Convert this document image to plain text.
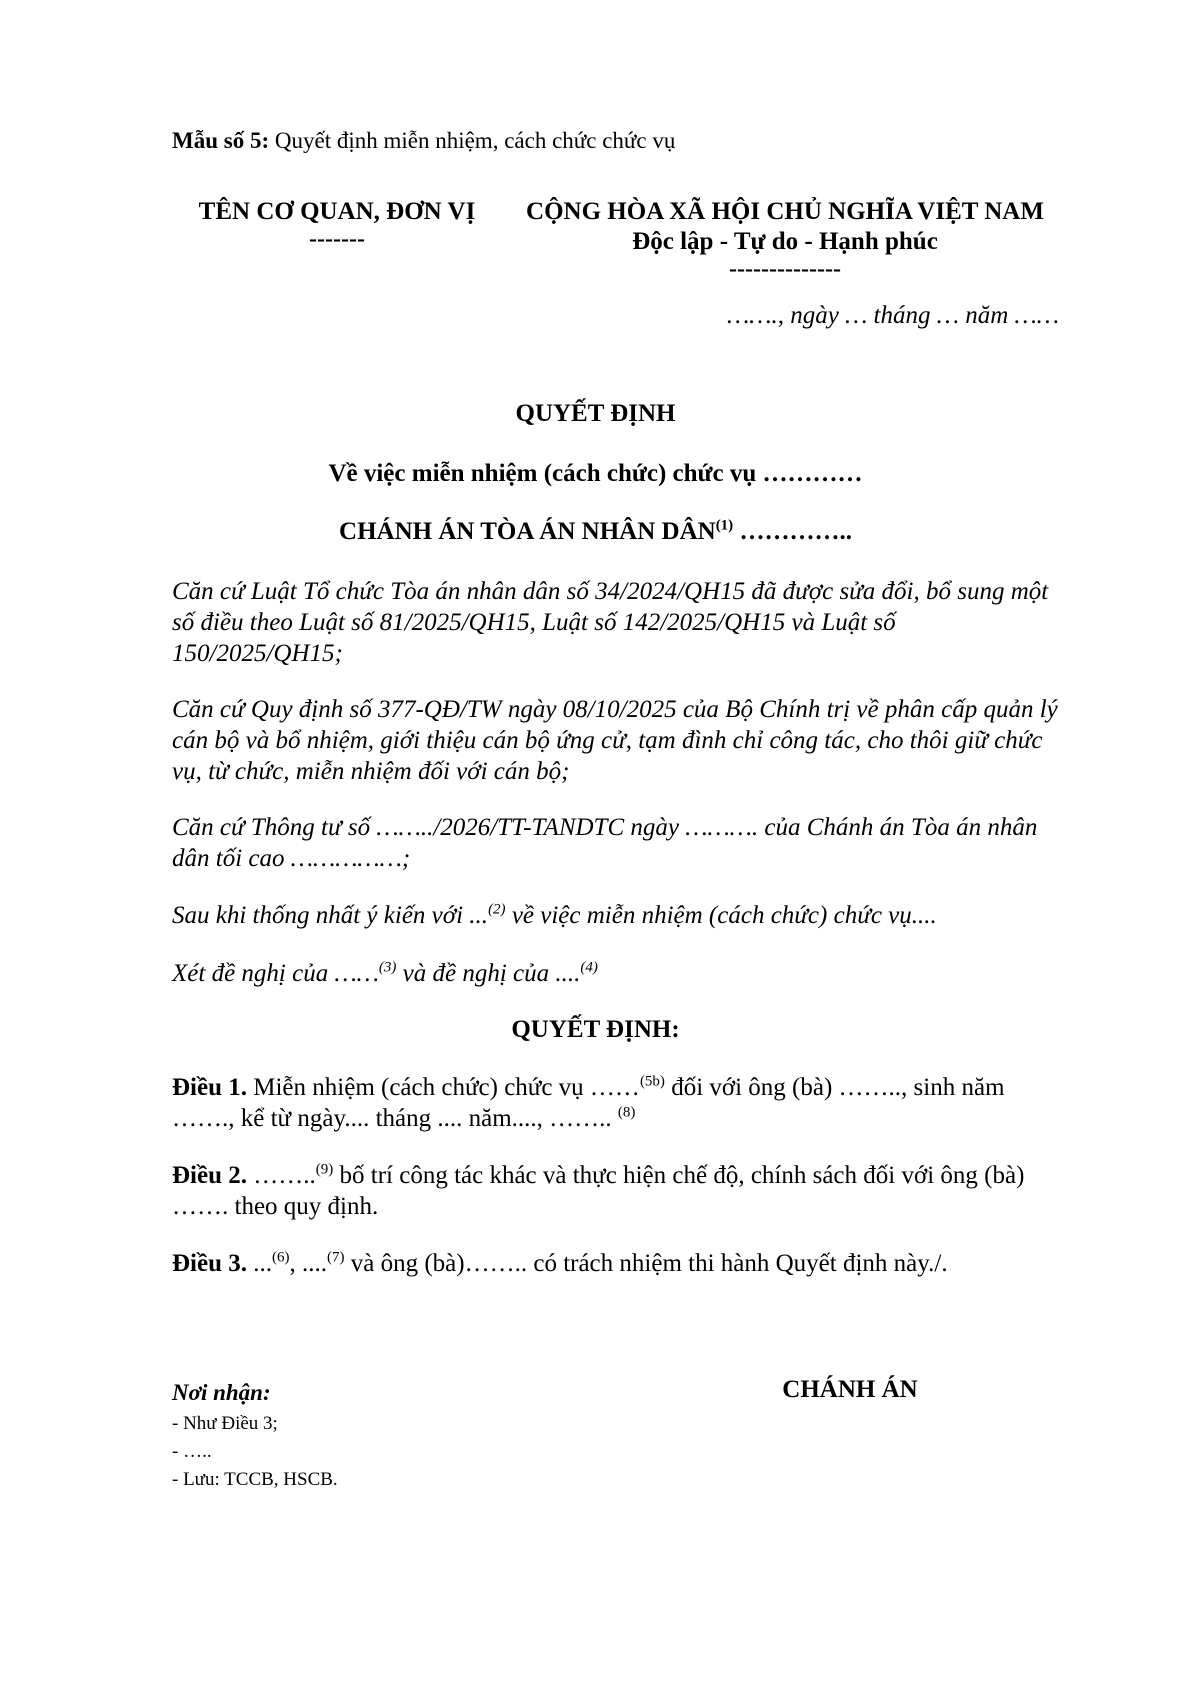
Mẫu số 5: Quyết định miễn nhiệm, cách chức chức vụ
TÊN CƠ QUAN, ĐƠN VỊ
-------
CỘNG HÒA XÃ HỘI CHỦ NGHĨA VIỆT NAM
Độc lập - Tự do - Hạnh phúc
--------------
……., ngày … tháng … năm ……
QUYẾT ĐỊNH
Về việc miễn nhiệm (cách chức) chức vụ …………
CHÁNH ÁN TÒA ÁN NHÂN DÂN$^{(1)}$ …………..
Căn cứ Luật Tổ chức Tòa án nhân dân số 34/2024/QH15 đã được sửa đổi, bổ sung một số điều theo Luật số 81/2025/QH15, Luật số 142/2025/QH15 và Luật số 150/2025/QH15;
Căn cứ Quy định số 377-QĐ/TW ngày 08/10/2025 của Bộ Chính trị về phân cấp quản lý cán bộ và bổ nhiệm, giới thiệu cán bộ ứng cử, tạm đình chỉ công tác, cho thôi giữ chức vụ, từ chức, miễn nhiệm đối với cán bộ;
Căn cứ Thông tư số ……../2026/TT-TANDTC ngày ………. của Chánh án Tòa án nhân dân tối cao ……………;
Sau khi thống nhất ý kiến với ...$^{(2)}$ về việc miễn nhiệm (cách chức) chức vụ....
Xét đề nghị của ……$^{(3)}$ và đề nghị của ....$^{(4)}$
QUYẾT ĐỊNH:
Điều 1. Miễn nhiệm (cách chức) chức vụ ……$^{(5b)}$ đối với ông (bà) …….., sinh năm ……., kể từ ngày.... tháng .... năm...., …….. $^{(8)}$
Điều 2. ……..$^{(9)}$ bố trí công tác khác và thực hiện chế độ, chính sách đối với ông (bà) ……. theo quy định.
Điều 3. ...$^{(6)}$, ....$^{(7)}$ và ông (bà)…….. có trách nhiệm thi hành Quyết định này./.
Nơi nhận:
- Như Điều 3;
- …..
- Lưu: TCCB, HSCB.
CHÁNH ÁN
